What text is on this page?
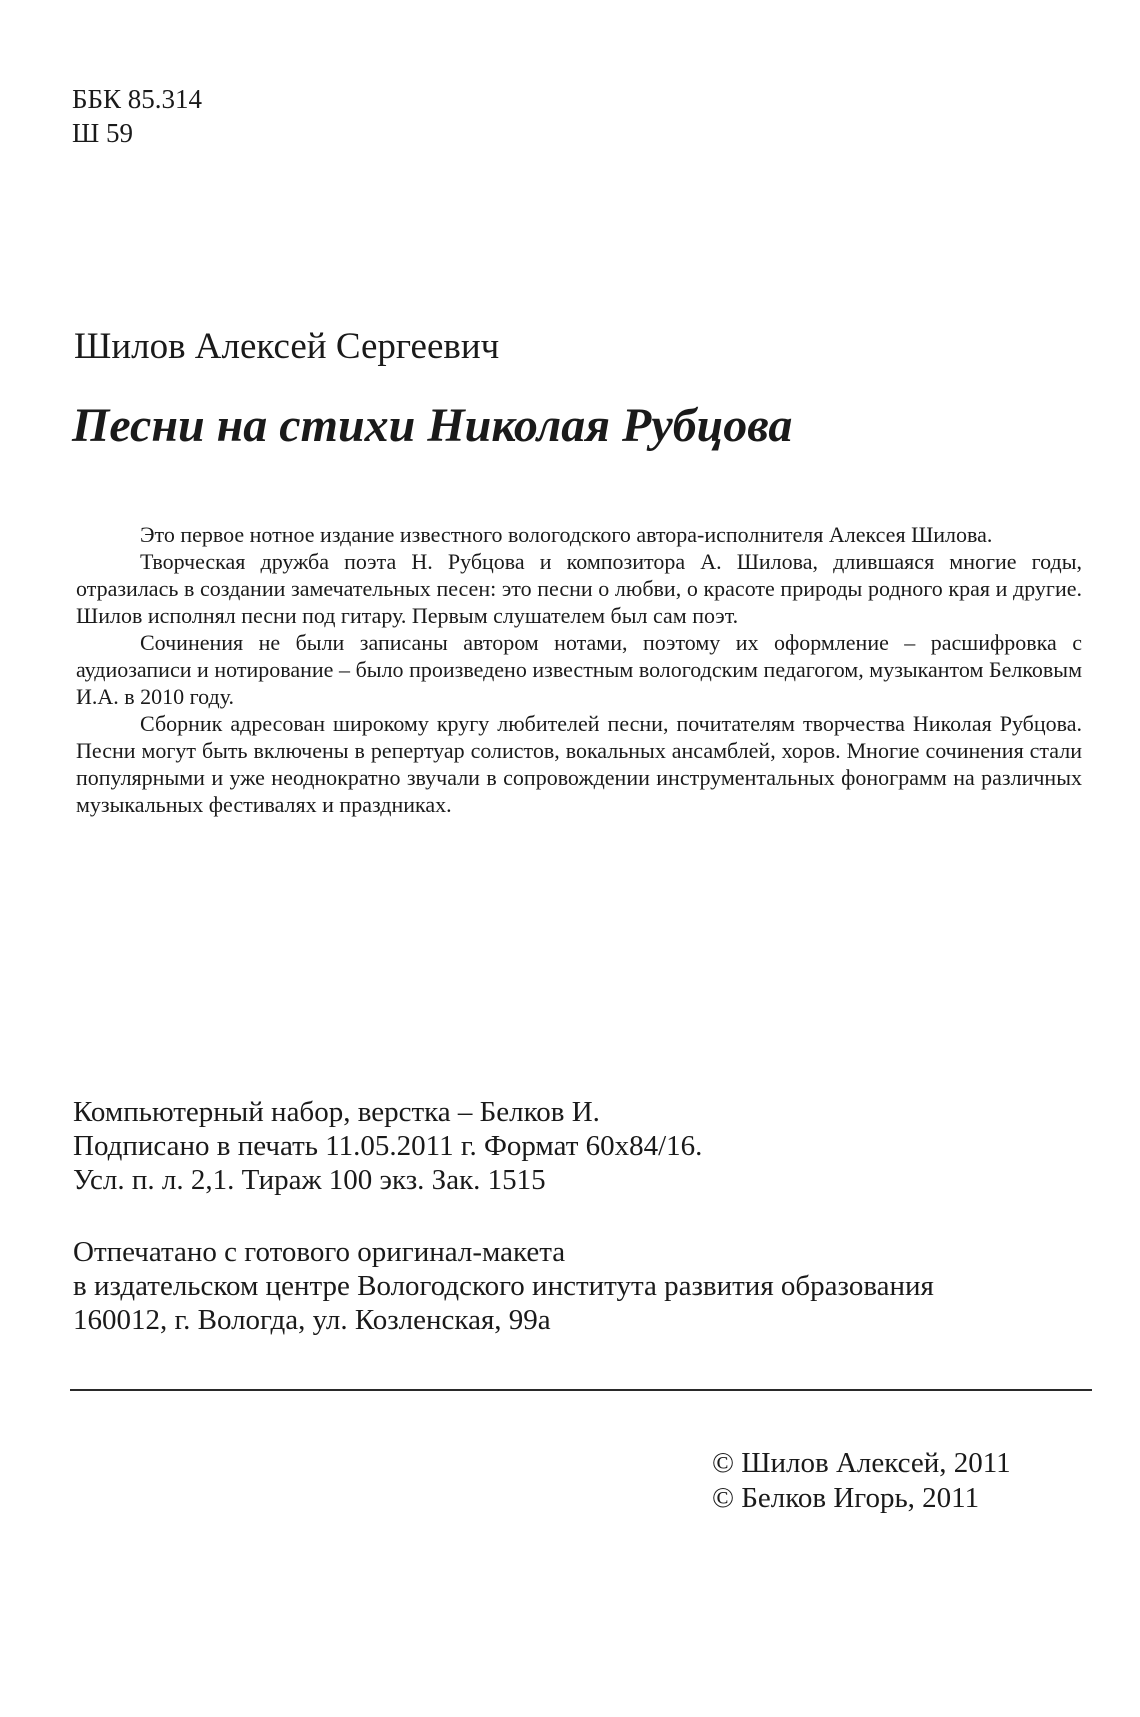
ББК 85.314
Ш 59
Шилов Алексей Сергеевич
Песни на стихи Николая Рубцова

Это первое нотное издание известного вологодского автора-исполнителя Алексея Шилова.

Творческая дружба поэта Н. Рубцова и композитора А. Шилова, длившаяся многие годы, отразилась в создании замечательных песен: это песни о любви, о красоте природы родного края и другие. Шилов исполнял песни под гитару. Первым слушателем был сам поэт.

Сочинения не были записаны автором нотами, поэтому их оформление – расшифровка с аудиозаписи и нотирование – было произведено известным вологодским педагогом, музыкантом Белковым И.А. в 2010 году.

Сборник адресован широкому кругу любителей песни, почитателям творчества Николая Рубцова. Песни могут быть включены в репертуар солистов, вокальных ансамблей, хоров. Многие сочинения стали популярными и уже неоднократно звучали в сопровождении инструментальных фонограмм на различных музыкальных фестивалях и праздниках.

Компьютерный набор, верстка – Белков И.
Подписано в печать 11.05.2011 г. Формат 60x84/16.
Усл. п. л. 2,1. Тираж 100 экз. Зак. 1515
Отпечатано с готового оригинал-макета
в издательском центре Вологодского института развития образования
160012, г. Вологда, ул. Козленская, 99а
© Шилов Алексей, 2011
© Белков Игорь, 2011
